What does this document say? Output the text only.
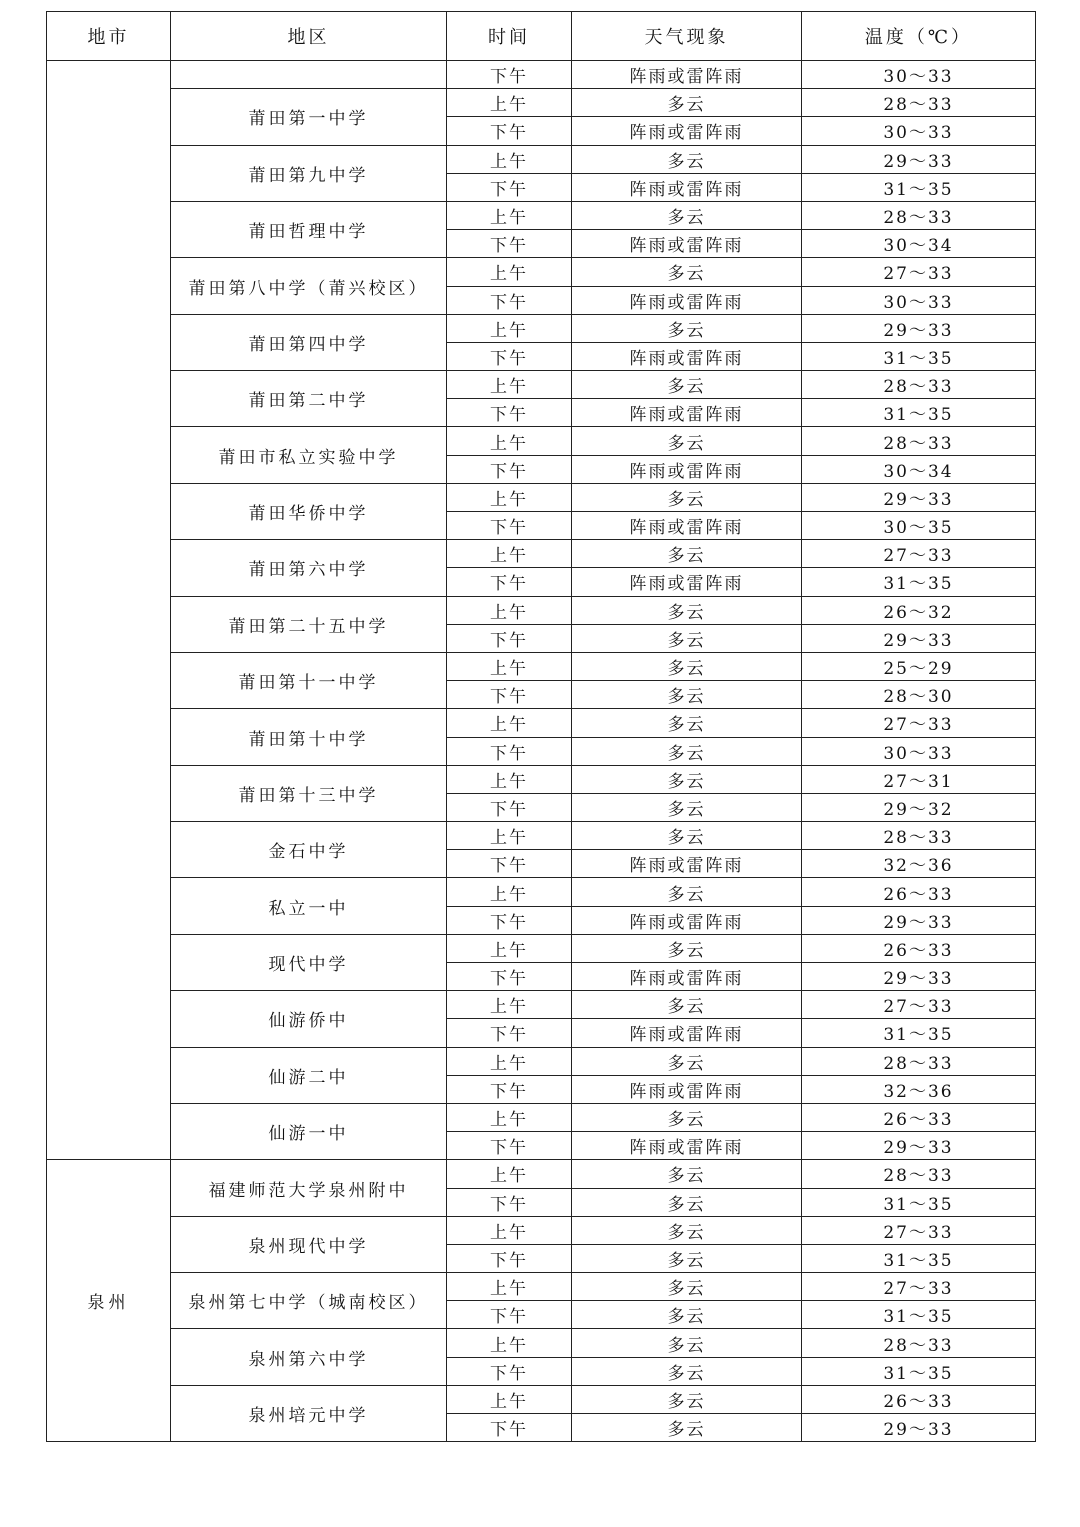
地市	地区	时间	天气现象	温度（℃）
		下午	阵雨或雷阵雨	30～33
	莆田第一中学	上午	多云	28～33
		下午	阵雨或雷阵雨	30～33
	莆田第九中学	上午	多云	29～33
		下午	阵雨或雷阵雨	31～35
	莆田哲理中学	上午	多云	28～33
		下午	阵雨或雷阵雨	30～34
	莆田第八中学（莆兴校区）	上午	多云	27～33
		下午	阵雨或雷阵雨	30～33
	莆田第四中学	上午	多云	29～33
		下午	阵雨或雷阵雨	31～35
	莆田第二中学	上午	多云	28～33
		下午	阵雨或雷阵雨	31～35
	莆田市私立实验中学	上午	多云	28～33
		下午	阵雨或雷阵雨	30～34
	莆田华侨中学	上午	多云	29～33
		下午	阵雨或雷阵雨	30～35
	莆田第六中学	上午	多云	27～33
		下午	阵雨或雷阵雨	31～35
	莆田第二十五中学	上午	多云	26～32
		下午	多云	29～33
	莆田第十一中学	上午	多云	25～29
		下午	多云	28～30
	莆田第十中学	上午	多云	27～33
		下午	多云	30～33
	莆田第十三中学	上午	多云	27～31
		下午	多云	29～32
	金石中学	上午	多云	28～33
		下午	阵雨或雷阵雨	32～36
	私立一中	上午	多云	26～33
		下午	阵雨或雷阵雨	29～33
	现代中学	上午	多云	26～33
		下午	阵雨或雷阵雨	29～33
	仙游侨中	上午	多云	27～33
		下午	阵雨或雷阵雨	31～35
	仙游二中	上午	多云	28～33
		下午	阵雨或雷阵雨	32～36
	仙游一中	上午	多云	26～33
		下午	阵雨或雷阵雨	29～33
泉州	福建师范大学泉州附中	上午	多云	28～33
		下午	多云	31～35
	泉州现代中学	上午	多云	27～33
		下午	多云	31～35
	泉州第七中学（城南校区）	上午	多云	27～33
		下午	多云	31～35
	泉州第六中学	上午	多云	28～33
		下午	多云	31～35
	泉州培元中学	上午	多云	26～33
		下午	多云	29～33
